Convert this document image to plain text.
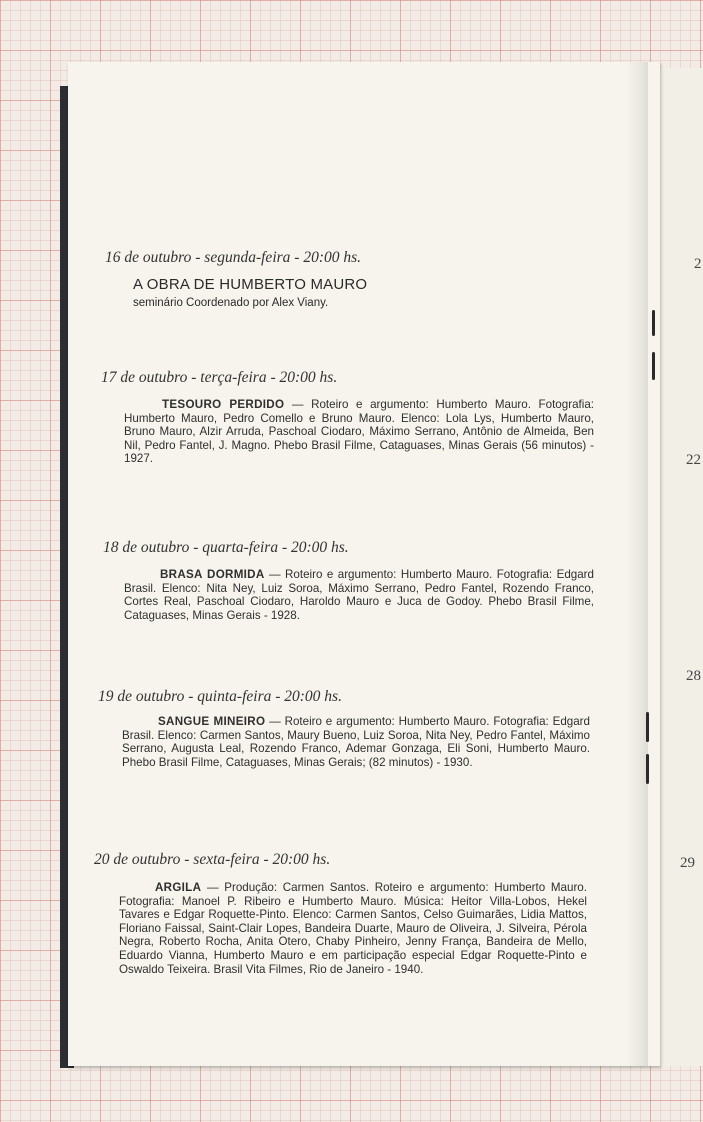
2
22
28
29
16 de outubro - segunda-feira - 20:00 hs.
A OBRA DE HUMBERTO MAURO
seminário Coordenado por Alex Viany.
17 de outubro - terça-feira - 20:00 hs.

TESOURO PERDIDO — Roteiro e argumento: Humberto Mauro. Fotografia: Humberto Mauro, Pedro Comello e Bruno Mauro. Elenco: Lola Lys, Humberto Mauro, Bruno Mauro, Alzir Arruda, Paschoal Ciodaro, Máximo Serrano, Antônio de Almeida, Ben Nil, Pedro Fantel, J. Magno. Phebo Brasil Filme, Cataguases, Minas Gerais (56 minutos) - 1927.

18 de outubro - quarta-feira - 20:00 hs.

BRASA DORMIDA — Roteiro e argumento: Humberto Mauro. Fotografia: Edgard Brasil. Elenco: Nita Ney, Luiz Soroa, Máximo Serrano, Pedro Fantel, Rozendo Franco, Cortes Real, Paschoal Ciodaro, Haroldo Mauro e Juca de Godoy. Phebo Brasil Filme, Cataguases, Minas Gerais - 1928.

19 de outubro - quinta-feira - 20:00 hs.

SANGUE MINEIRO — Roteiro e argumento: Humberto Mauro. Fotografia: Edgard Brasil. Elenco: Carmen Santos, Maury Bueno, Luiz Soroa, Nita Ney, Pedro Fantel, Máximo Serrano, Augusta Leal, Rozendo Franco, Ademar Gonzaga, Eli Soni, Humberto Mauro. Phebo Brasil Filme, Cataguases, Minas Gerais; (82 minutos) - 1930.

20 de outubro - sexta-feira - 20:00 hs.

ARGILA — Produção: Carmen Santos. Roteiro e argumento: Humberto Mauro. Fotografia: Manoel P. Ribeiro e Humberto Mauro. Música: Heitor Villa-Lobos, Hekel Tavares e Edgar Roquette-Pinto. Elenco: Carmen Santos, Celso Guimarães, Lidia Mattos, Floriano Faissal, Saint-Clair Lopes, Bandeira Duarte, Mauro de Oliveira, J. Silveira, Pérola Negra, Roberto Rocha, Anita Otero, Chaby Pinheiro, Jenny França, Bandeira de Mello, Eduardo Vianna, Humberto Mauro e em participação especial Edgar Roquette-Pinto e Oswaldo Teixeira. Brasil Vita Filmes, Rio de Janeiro - 1940.
